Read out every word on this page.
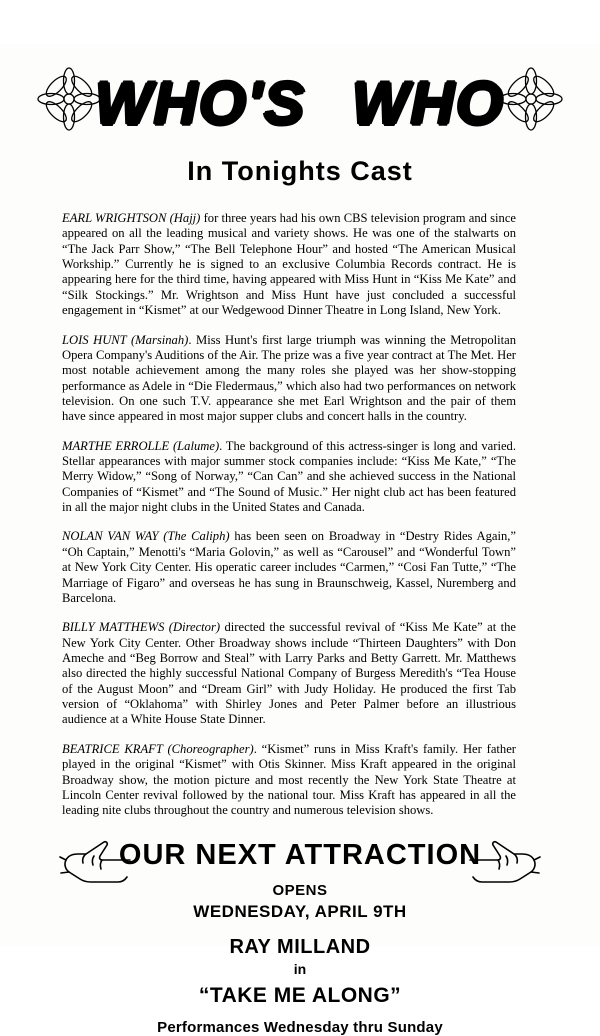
WHO'S WHO
In Tonights Cast

EARL WRIGHTSON (Hajj) for three years had his own CBS television program and since appeared on all the leading musical and variety shows. He was one of the stalwarts on “The Jack Parr Show,” “The Bell Telephone Hour” and hosted “The American Musical Workship.” Currently he is signed to an exclusive Columbia Records contract. He is appearing here for the third time, having appeared with Miss Hunt in “Kiss Me Kate” and “Silk Stockings.” Mr. Wrightson and Miss Hunt have just concluded a successful engagement in “Kismet” at our Wedgewood Dinner Theatre in Long Island, New York.

LOIS HUNT (Marsinah). Miss Hunt's first large triumph was winning the Metropolitan Opera Company's Auditions of the Air. The prize was a five year contract at The Met. Her most notable achievement among the many roles she played was her show-stopping performance as Adele in “Die Fledermaus,” which also had two performances on network television. On one such T.V. appearance she met Earl Wrightson and the pair of them have since appeared in most major supper clubs and concert halls in the country.

MARTHE ERROLLE (Lalume). The background of this actress-singer is long and varied. Stellar appearances with major summer stock companies include: “Kiss Me Kate,” “The Merry Widow,” “Song of Norway,” “Can Can” and she achieved success in the National Companies of “Kismet” and “The Sound of Music.” Her night club act has been featured in all the major night clubs in the United States and Canada.

NOLAN VAN WAY (The Caliph) has been seen on Broadway in “Destry Rides Again,” “Oh Captain,” Menotti's “Maria Golovin,” as well as “Carousel” and “Wonderful Town” at New York City Center. His operatic career includes “Carmen,” “Cosi Fan Tutte,” “The Marriage of Figaro” and overseas he has sung in Braunschweig, Kassel, Nuremberg and Barcelona.

BILLY MATTHEWS (Director) directed the successful revival of “Kiss Me Kate” at the New York City Center. Other Broadway shows include “Thirteen Daughters” with Don Ameche and “Beg Borrow and Steal” with Larry Parks and Betty Garrett. Mr. Matthews also directed the highly successful National Company of Burgess Meredith's “Tea House of the August Moon” and “Dream Girl” with Judy Holiday. He produced the first Tab version of “Oklahoma” with Shirley Jones and Peter Palmer before an illustrious audience at a White House State Dinner.

BEATRICE KRAFT (Choreographer). “Kismet” runs in Miss Kraft's family. Her father played in the original “Kismet” with Otis Skinner. Miss Kraft appeared in the original Broadway show, the motion picture and most recently the New York State Theatre at Lincoln Center revival followed by the national tour. Miss Kraft has appeared in all the leading nite clubs throughout the country and numerous television shows.

OUR NEXT ATTRACTION
OPENS
WEDNESDAY, APRIL 9TH
RAY MILLAND
in
“TAKE ME ALONG”
Performances Wednesday thru Sunday
